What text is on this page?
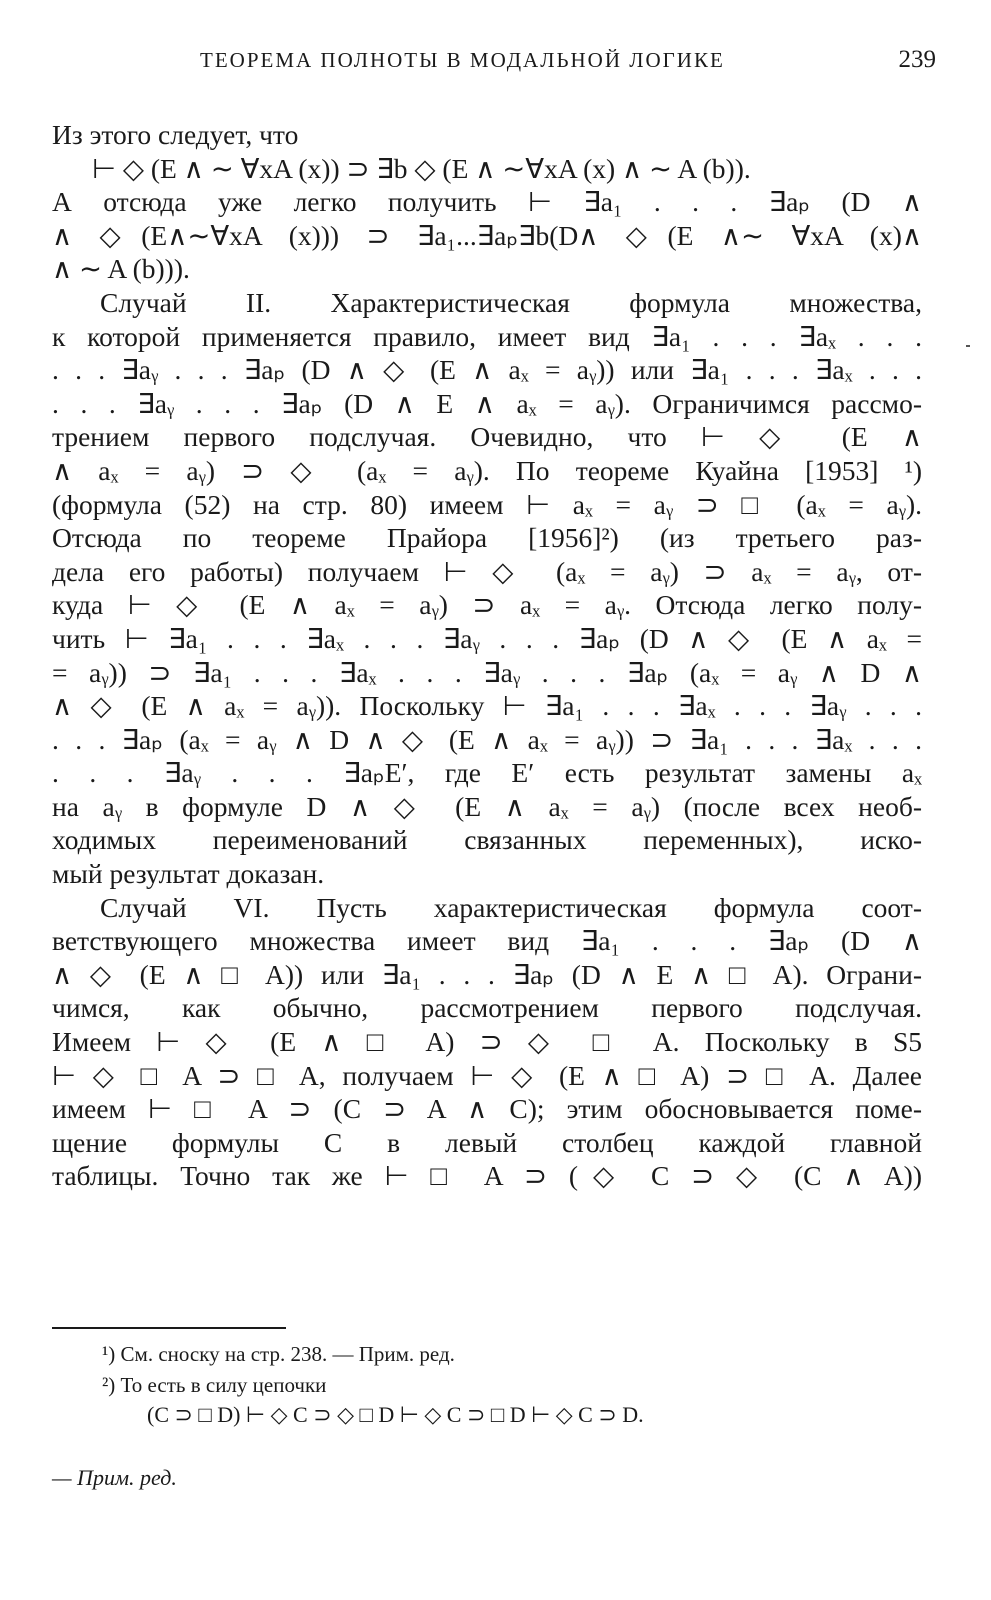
ТЕОРЕМА ПОЛНОТЫ В МОДАЛЬНОЙ ЛОГИКЕ	239
Из этого следует, что
⊢ ◇ (E ∧ ∼ ∀xA (x)) ⊃ ∃b ◇ (E ∧ ∼∀xA (x) ∧ ∼ A (b)).
А отсюда уже легко получить ⊢ ∃a₁ . . . ∃aₚ (D ∧
∧ ◇(E∧∼∀xA (x))) ⊃ ∃a₁...∃aₚ∃b(D∧ ◇(E ∧∼ ∀xA (x)∧
∧ ∼ A (b))).
Случай II. Характеристическая формула множества,
к которой применяется правило, имеет вид ∃a₁ . . . ∃aₓ . . .
. . . ∃aᵧ . . . ∃aₚ (D ∧ ◇ (E ∧ aₓ = aᵧ)) или ∃a₁ . . . ∃aₓ . . .
. . . ∃aᵧ . . . ∃aₚ (D ∧ E ∧ aₓ = aᵧ). Ограничимся рассмо-
трением первого подслучая. Очевидно, что ⊢ ◇ (E ∧
∧ aₓ = aᵧ) ⊃ ◇ (aₓ = aᵧ). По теореме Куайна [1953] ¹)
(формула (52) на стр. 80) имеем ⊢ aₓ = aᵧ ⊃ □ (aₓ = aᵧ).
Отсюда по теореме Прайора [1956]²) (из третьего раз-
дела его работы) получаем ⊢ ◇ (aₓ = aᵧ) ⊃ aₓ = aᵧ, от-
куда ⊢ ◇ (E ∧ aₓ = aᵧ) ⊃ aₓ = aᵧ. Отсюда легко полу-
чить ⊢ ∃a₁ . . . ∃aₓ . . . ∃aᵧ . . . ∃aₚ (D ∧ ◇ (E ∧ aₓ =
= aᵧ)) ⊃ ∃a₁ . . . ∃aₓ . . . ∃aᵧ . . . ∃aₚ (aₓ = aᵧ ∧ D ∧
∧ ◇ (E ∧ aₓ = aᵧ)). Поскольку ⊢ ∃a₁ . . . ∃aₓ . . . ∃aᵧ . . .
. . . ∃aₚ (aₓ = aᵧ ∧ D ∧ ◇ (E ∧ aₓ = aᵧ)) ⊃ ∃a₁ . . . ∃aₓ . . .
. . . ∃aᵧ . . . ∃aₚE′, где E′ есть результат замены aₓ
на aᵧ в формуле D ∧ ◇ (E ∧ aₓ = aᵧ) (после всех необ-
ходимых переименований связанных переменных), иско-
мый результат доказан.
Случай VI. Пусть характеристическая формула соот-
ветствующего множества имеет вид ∃a₁ . . . ∃aₚ (D ∧
∧ ◇ (E ∧ □ A)) или ∃a₁ . . . ∃aₚ (D ∧ E ∧ □ A). Ограни-
чимся, как обычно, рассмотрением первого подслучая.
Имеем ⊢ ◇ (E ∧ □ A) ⊃ ◇ □ A. Поскольку в S5
⊢ ◇ □ A ⊃ □ A, получаем ⊢ ◇ (E ∧ □ A) ⊃ □ A. Далее
имеем ⊢ □ A ⊃ (C ⊃ A ∧ C); этим обосновывается поме-
щение формулы C в левый столбец каждой главной
таблицы. Точно так же ⊢ □ A ⊃ (◇ C ⊃ ◇ (C ∧ A))
¹) См. сноску на стр. 238. — Прим. ред.
²) То есть в силу цепочки
(C ⊃ □ D) ⊢ ◇ C ⊃ ◇ □ D ⊢ ◇ C ⊃ □ D ⊢ ◇ C ⊃ D.
— Прим. ред.
